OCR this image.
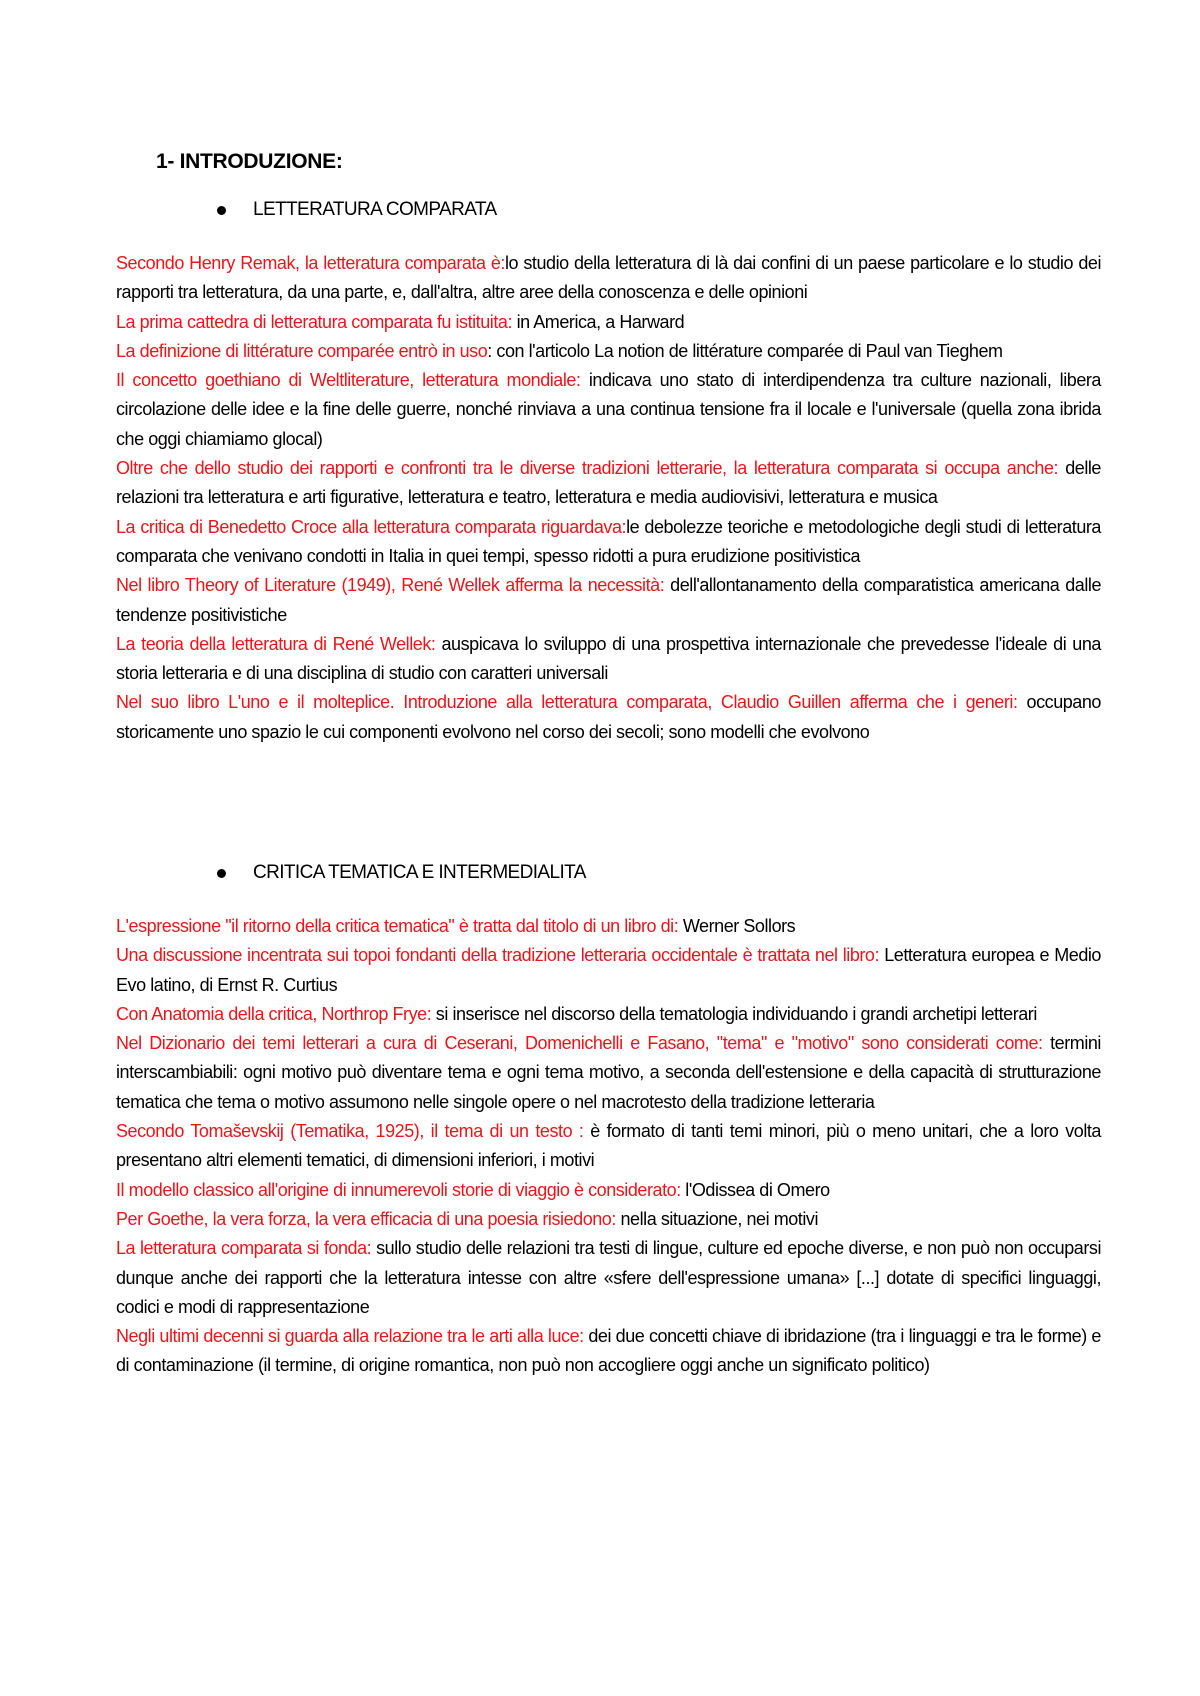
1- INTRODUZIONE:
LETTERATURA COMPARATA

Secondo Henry Remak, la letteratura comparata è:lo studio della letteratura di là dai confini di un paese particolare e lo studio dei rapporti tra letteratura, da una parte, e, dall'altra, altre aree della conoscenza e delle opinioni

La prima cattedra di letteratura comparata fu istituita: in America, a Harward

La definizione di littérature comparée entrò in uso: con l'articolo La notion de littérature comparée di Paul van Tieghem

Il concetto goethiano di Weltliterature, letteratura mondiale: indicava uno stato di interdipendenza tra culture nazionali, libera circolazione delle idee e la fine delle guerre, nonché rinviava a una continua tensione fra il locale e l'universale (quella zona ibrida che oggi chiamiamo glocal)

Oltre che dello studio dei rapporti e confronti tra le diverse tradizioni letterarie, la letteratura comparata si occupa anche: delle relazioni tra letteratura e arti figurative, letteratura e teatro, letteratura e media audiovisivi, letteratura e musica

La critica di Benedetto Croce alla letteratura comparata riguardava:le debolezze teoriche e metodologiche degli studi di letteratura comparata che venivano condotti in Italia in quei tempi, spesso ridotti a pura erudizione positivistica

Nel libro Theory of Literature (1949), René Wellek afferma la necessità: dell'allontanamento della comparatistica americana dalle tendenze positivistiche

La teoria della letteratura di René Wellek: auspicava lo sviluppo di una prospettiva internazionale che prevedesse l'ideale di una storia letteraria e di una disciplina di studio con caratteri universali

Nel suo libro L'uno e il molteplice. Introduzione alla letteratura comparata, Claudio Guillen afferma che i generi: occupano storicamente uno spazio le cui componenti evolvono nel corso dei secoli; sono modelli che evolvono

CRITICA TEMATICA E INTERMEDIALITA

L'espressione "il ritorno della critica tematica" è tratta dal titolo di un libro di: Werner Sollors

Una discussione incentrata sui topoi fondanti della tradizione letteraria occidentale è trattata nel libro: Letteratura europea e Medio Evo latino, di Ernst R. Curtius

Con Anatomia della critica, Northrop Frye: si inserisce nel discorso della tematologia individuando i grandi archetipi letterari

Nel Dizionario dei temi letterari a cura di Ceserani, Domenichelli e Fasano, "tema" e "motivo" sono considerati come: termini interscambiabili: ogni motivo può diventare tema e ogni tema motivo, a seconda dell'estensione e della capacità di strutturazione tematica che tema o motivo assumono nelle singole opere o nel macrotesto della tradizione letteraria

Secondo Tomaševskij (Tematika, 1925), il tema di un testo : è formato di tanti temi minori, più o meno unitari, che a loro volta presentano altri elementi tematici, di dimensioni inferiori, i motivi

Il modello classico all'origine di innumerevoli storie di viaggio è considerato: l'Odissea di Omero

Per Goethe, la vera forza, la vera efficacia di una poesia risiedono: nella situazione, nei motivi

La letteratura comparata si fonda: sullo studio delle relazioni tra testi di lingue, culture ed epoche diverse, e non può non occuparsi dunque anche dei rapporti che la letteratura intesse con altre «sfere dell'espressione umana» [...] dotate di specifici linguaggi, codici e modi di rappresentazione

Negli ultimi decenni si guarda alla relazione tra le arti alla luce: dei due concetti chiave di ibridazione (tra i linguaggi e tra le forme) e di contaminazione (il termine, di origine romantica, non può non accogliere oggi anche un significato politico)
